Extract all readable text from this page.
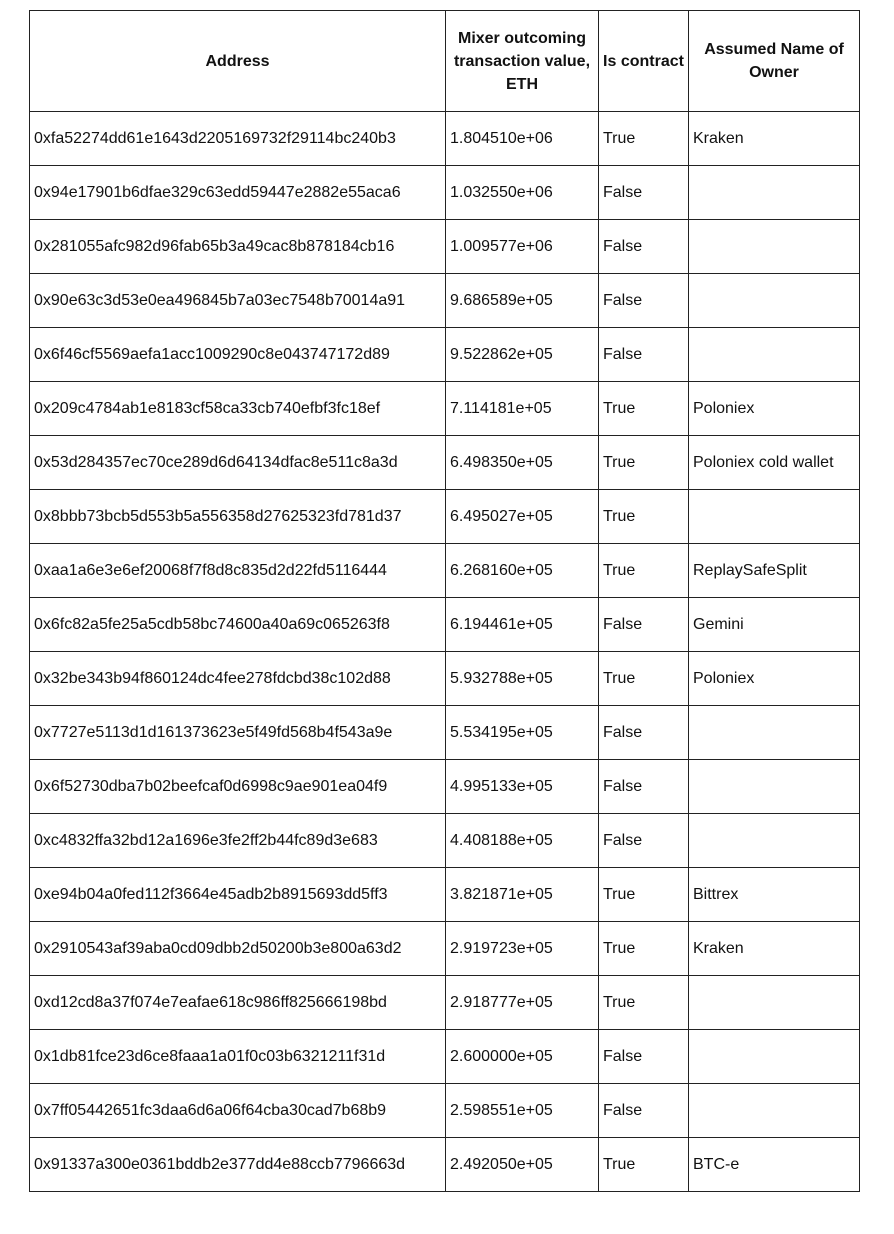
Address	Mixer outcoming transaction value, ETH	Is contract	Assumed Name of Owner
0xfa52274dd61e1643d2205169732f29114bc240b3	1.804510e+06	True	Kraken
0x94e17901b6dfae329c63edd59447e2882e55aca6	1.032550e+06	False	
0x281055afc982d96fab65b3a49cac8b878184cb16	1.009577e+06	False	
0x90e63c3d53e0ea496845b7a03ec7548b70014a91	9.686589e+05	False	
0x6f46cf5569aefa1acc1009290c8e043747172d89	9.522862e+05	False	
0x209c4784ab1e8183cf58ca33cb740efbf3fc18ef	7.114181e+05	True	Poloniex
0x53d284357ec70ce289d6d64134dfac8e511c8a3d	6.498350e+05	True	Poloniex cold wallet
0x8bbb73bcb5d553b5a556358d27625323fd781d37	6.495027e+05	True	
0xaa1a6e3e6ef20068f7f8d8c835d2d22fd5116444	6.268160e+05	True	ReplaySafeSplit
0x6fc82a5fe25a5cdb58bc74600a40a69c065263f8	6.194461e+05	False	Gemini
0x32be343b94f860124dc4fee278fdcbd38c102d88	5.932788e+05	True	Poloniex
0x7727e5113d1d161373623e5f49fd568b4f543a9e	5.534195e+05	False	
0x6f52730dba7b02beefcaf0d6998c9ae901ea04f9	4.995133e+05	False	
0xc4832ffa32bd12a1696e3fe2ff2b44fc89d3e683	4.408188e+05	False	
0xe94b04a0fed112f3664e45adb2b8915693dd5ff3	3.821871e+05	True	Bittrex
0x2910543af39aba0cd09dbb2d50200b3e800a63d2	2.919723e+05	True	Kraken
0xd12cd8a37f074e7eafae618c986ff825666198bd	2.918777e+05	True	
0x1db81fce23d6ce8faaa1a01f0c03b6321211f31d	2.600000e+05	False	
0x7ff05442651fc3daa6d6a06f64cba30cad7b68b9	2.598551e+05	False	
0x91337a300e0361bddb2e377dd4e88ccb7796663d	2.492050e+05	True	BTC-e
